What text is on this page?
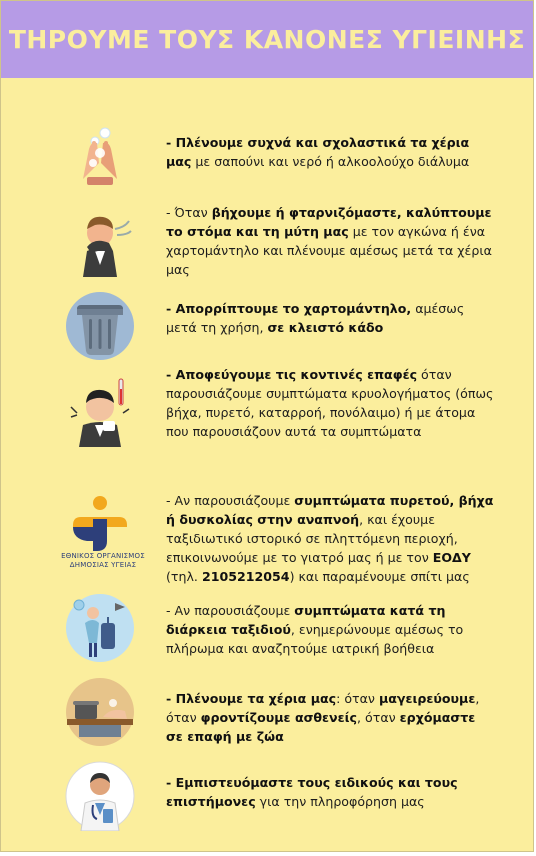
ΤΗΡΟΥΜΕ ΤΟΥΣ ΚΑΝΟΝΕΣ ΥΓΙΕΙΝΗΣ
- Πλένουμε συχνά και σχολαστικά τα χέρια μας με σαπούνι και νερό ή αλκοολούχο διάλυμα
- Όταν βήχουμε ή φταρνιζόμαστε, καλύπτουμε το στόμα και τη μύτη μας με τον αγκώνα ή ένα χαρτομάντηλο και πλένουμε αμέσως μετά τα χέρια μας
- Απορρίπτουμε το χαρτομάντηλο, αμέσως μετά τη χρήση, σε κλειστό κάδο
- Αποφεύγουμε τις κοντινές επαφές όταν παρουσιάζουμε συμπτώματα κρυολογήματος (όπως βήχα, πυρετό, καταρροή, πονόλαιμο) ή με άτομα που παρουσιάζουν αυτά τα συμπτώματα
ΕΘΝΙΚΟΣ ΟΡΓΑΝΙΣΜΟΣ ΔΗΜΟΣΙΑΣ ΥΓΕΙΑΣ
- Αν παρουσιάζουμε συμπτώματα πυρετού, βήχα ή δυσκολίας στην αναπνοή, και έχουμε ταξιδιωτικό ιστορικό σε πληττόμενη περιοχή, επικοινωνούμε με το γιατρό μας ή με τον ΕΟΔΥ (τηλ. 2105212054) και παραμένουμε σπίτι μας
- Αν παρουσιάζουμε συμπτώματα κατά τη διάρκεια ταξιδιού, ενημερώνουμε αμέσως το πλήρωμα και αναζητούμε ιατρική βοήθεια
- Πλένουμε τα χέρια μας: όταν μαγειρεύουμε, όταν φροντίζουμε ασθενείς, όταν ερχόμαστε σε επαφή με ζώα
- Εμπιστευόμαστε τους ειδικούς και τους επιστήμονες για την πληροφόρηση μας
